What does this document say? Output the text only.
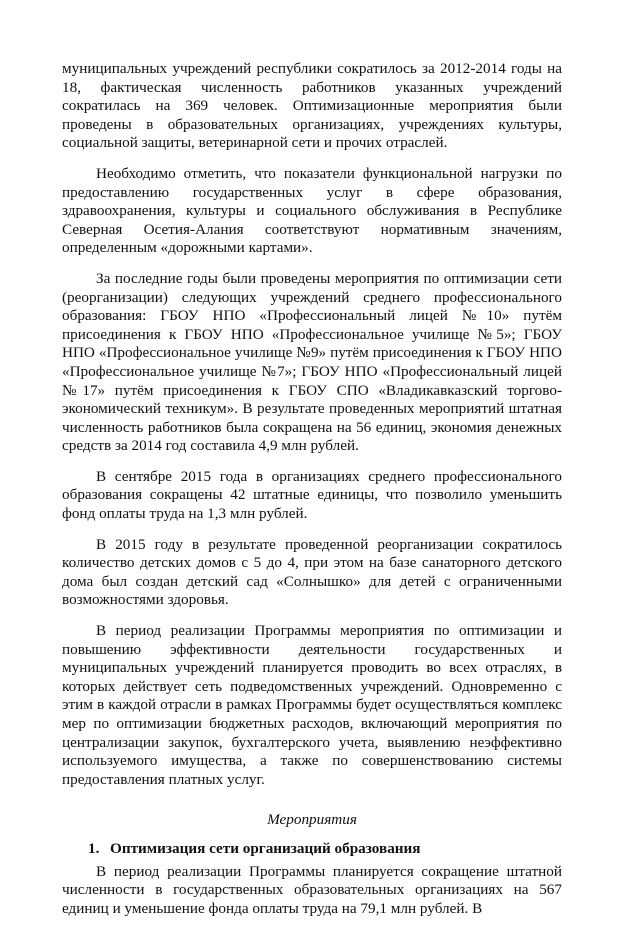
муниципальных учреждений республики сократилось за 2012-2014 годы на 18, фактическая численность работников указанных учреждений сократилась на 369 человек. Оптимизационные мероприятия были проведены в образовательных организациях, учреждениях культуры, социальной защиты, ветеринарной сети и прочих отраслей.

Необходимо отметить, что показатели функциональной нагрузки по предоставлению государственных услуг в сфере образования, здравоохранения, культуры и социального обслуживания в Республике Северная Осетия-Алания соответствуют нормативным значениям, определенным «дорожными картами».

За последние годы были проведены мероприятия по оптимизации сети (реорганизации) следующих учреждений среднего профессионального образования: ГБОУ НПО «Профессиональный лицей №10» путём присоединения к ГБОУ НПО «Профессиональное училище №5»; ГБОУ НПО «Профессиональное училище №9» путём присоединения к ГБОУ НПО «Профессиональное училище №7»; ГБОУ НПО «Профессиональный лицей №17» путём присоединения к ГБОУ СПО «Владикавказский торгово-экономический техникум». В результате проведенных мероприятий штатная численность работников была сокращена на 56 единиц, экономия денежных средств за 2014 год составила 4,9 млн рублей.

В сентябре 2015 года в организациях среднего профессионального образования сокращены 42 штатные единицы, что позволило уменьшить фонд оплаты труда на 1,3 млн рублей.

В 2015 году в результате проведенной реорганизации сократилось количество детских домов с 5 до 4, при этом на базе санаторного детского дома был создан детский сад «Солнышко» для детей с ограниченными возможностями здоровья.

В период реализации Программы мероприятия по оптимизации и повышению эффективности деятельности государственных и муниципальных учреждений планируется проводить во всех отраслях, в которых действует сеть подведомственных учреждений. Одновременно с этим в каждой отрасли в рамках Программы будет осуществляться комплекс мер по оптимизации бюджетных расходов, включающий мероприятия по централизации закупок, бухгалтерского учета, выявлению неэффективно используемого имущества, а также по совершенствованию системы предоставления платных услуг.

Мероприятия

1. Оптимизация сети организаций образования

В период реализации Программы планируется сокращение штатной численности в государственных образовательных организациях на 567 единиц и уменьшение фонда оплаты труда на 79,1 млн рублей. В
